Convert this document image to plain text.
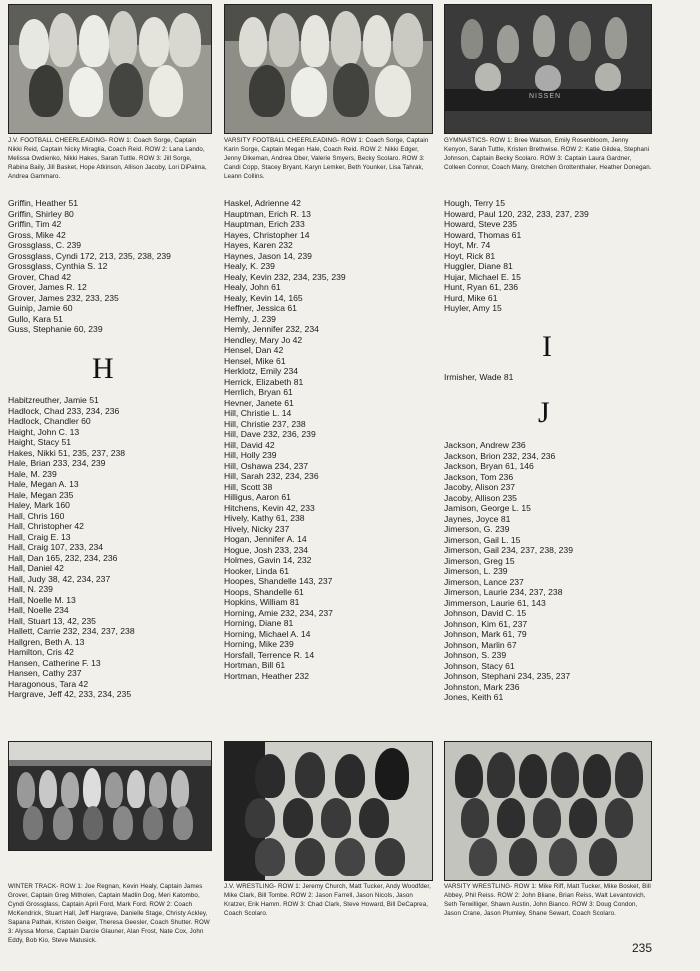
NISSEN
J.V. FOOTBALL CHEERLEADING- ROW 1: Coach Sorge, Captain Nikki Reid, Captain Nicky Miraglia, Coach Reid. ROW 2: Lana Lando, Melissa Owdienko, Nikki Hakes, Sarah Tuttle. ROW 3: Jill Sorge, Rabina Baily, Jill Basket, Hope Atkinson, Allison Jacoby, Lori DiPalma, Andrea Gammaro.
VARSITY FOOTBALL CHEERLEADING- ROW 1: Coach Sorge, Captain Karin Sorge, Captain Megan Hale, Coach Reid. ROW 2: Nikki Edger, Jenny Dikeman, Andrea Ober, Valerie Smyers, Becky Scolaro. ROW 3: Candi Copp, Stacey Bryant, Karyn Lemker, Beth Younker, Lisa Tahrak, Leann Collins.
GYMNASTICS- ROW 1: Bree Watson, Emily Rosenbloom, Jenny Kenyon, Sarah Tuttle, Kristen Brethwise. ROW 2: Katie Gildea, Stephani Johnson, Captain Becky Scolaro. ROW 3: Captain Laura Gardner, Colleen Connor, Coach Many, Gretchen Grottenthaler, Heather Donegan.
Griffin, Heather 51
Griffin, Shirley 80
Griffin, Tim 42
Gross, Mike 42
Grossglass, C. 239
Grossglass, Cyndi 172, 213, 235, 238, 239
Grossglass, Cynthia S. 12
Grover, Chad 42
Grover, James R. 12
Grover, James 232, 233, 235
Guinip, Jamie 60
Gullo, Kara 51
Guss, Stephanie 60, 239
H
Habitzreuther, Jamie 51
Hadlock, Chad 233, 234, 236
Hadlock, Chandler 60
Haight, John C. 13
Haight, Stacy 51
Hakes, Nikki 51, 235, 237, 238
Hale, Brian 233, 234, 239
Hale, M. 239
Hale, Megan A. 13
Hale, Megan 235
Haley, Mark 160
Hall, Chris 160
Hall, Christopher 42
Hall, Craig E. 13
Hall, Craig 107, 233, 234
Hall, Dan 165, 232, 234, 236
Hall, Daniel 42
Hall, Judy 38, 42, 234, 237
Hall, N. 239
Hall, Noelle M. 13
Hall, Noelle 234
Hall, Stuart 13, 42, 235
Hallett, Carrie 232, 234, 237, 238
Hallgren, Beth A. 13
Hamilton, Cris 42
Hansen, Catherine F. 13
Hansen, Cathy 237
Haragonous, Tara 42
Hargrave, Jeff 42, 233, 234, 235
Haskel, Adrienne 42
Hauptman, Erich R. 13
Hauptman, Erich 233
Hayes, Christopher 14
Hayes, Karen 232
Haynes, Jason 14, 239
Healy, K. 239
Healy, Kevin 232, 234, 235, 239
Healy, John 61
Healy, Kevin 14, 165
Heffner, Jessica 61
Hemly, J. 239
Hemly, Jennifer 232, 234
Hendley, Mary Jo 42
Hensel, Dan 42
Hensel, Mike 61
Herklotz, Emily 234
Herrick, Elizabeth 81
Herrlich, Bryan 61
Hevner, Janete 61
Hill, Christie L. 14
Hill, Christie 237, 238
Hill, Dave 232, 236, 239
Hill, David 42
Hill, Holly 239
Hill, Oshawa 234, 237
Hill, Sarah 232, 234, 236
Hill, Scott 38
Hilligus, Aaron 61
Hitchens, Kevin 42, 233
Hively, Kathy 61, 238
Hively, Nicky 237
Hogan, Jennifer A. 14
Hogue, Josh 233, 234
Holmes, Gavin 14, 232
Hooker, Linda 61
Hoopes, Shandelle 143, 237
Hoops, Shandelle 61
Hopkins, William 81
Horning, Amie 232, 234, 237
Horning, Diane 81
Horning, Michael A. 14
Horning, Mike 239
Horsfall, Terrence R. 14
Hortman, Bill 61
Hortman, Heather 232
Hough, Terry 15
Howard, Paul 120, 232, 233, 237, 239
Howard, Steve 235
Howard, Thomas 61
Hoyt, Mr. 74
Hoyt, Rick 81
Huggler, Diane 81
Hujar, Michael E. 15
Hunt, Ryan 61, 236
Hurd, Mike 61
Huyler, Amy 15
I
Irmisher, Wade 81
J
Jackson, Andrew 236
Jackson, Brion 232, 234, 236
Jackson, Bryan 61, 146
Jackson, Tom 236
Jacoby, Alison 237
Jacoby, Allison 235
Jamison, George L. 15
Jaynes, Joyce 81
Jimerson, G. 239
Jimerson, Gail L. 15
Jimerson, Gail 234, 237, 238, 239
Jimerson, Greg 15
Jimerson, L. 239
Jimerson, Lance 237
Jimerson, Laurie 234, 237, 238
Jimmerson, Laurie 61, 143
Johnson, David C. 15
Johnson, Kim 61, 237
Johnson, Mark 61, 79
Johnson, Marlin 67
Johnson, S. 239
Johnson, Stacy 61
Johnson, Stephani 234, 235, 237
Johnston, Mark 236
Jones, Keith 61
WINTER TRACK- ROW 1: Joe Regnan, Kevin Healy, Captain James Grover, Captain Greg Mitholen, Captain Madlin Dog, Meri Katombo, Cyndi Grossglass, Captain April Ford, Mark Ford. ROW 2: Coach McKendrick, Stuart Hall, Jeff Hargrave, Danielle Stage, Christy Ackley, Sapana Pathak, Kristen Geiger, Theresa Geesler, Coach Shutter. ROW 3: Alyssa Morse, Captain Darcie Glauner, Alan Frost, Nate Cox, John Eddy, Bob Kio, Steve Matusick.
J.V. WRESTLING- ROW 1: Jeremy Church, Matt Tucker, Andy Woodfder, Mike Clark, Bill Tombe. ROW 2: Jason Farrell, Jason Nicols, Jason Kratzer, Erik Hamm. ROW 3: Chad Clark, Steve Howard, Bill DeCaprea, Coach Scolaro.
VARSITY WRESTLING- ROW 1: Mike Riff, Matt Tucker, Mike Bosket, Bill Abbey, Phil Reiss. ROW 2: John Bliane, Brian Reiss, Walt Levantovich, Seth Terwilliger, Shawn Austin, John Bianco. ROW 3: Doug Condon, Jason Crane, Jason Plumley, Shane Sewart, Coach Scolaro.
235
